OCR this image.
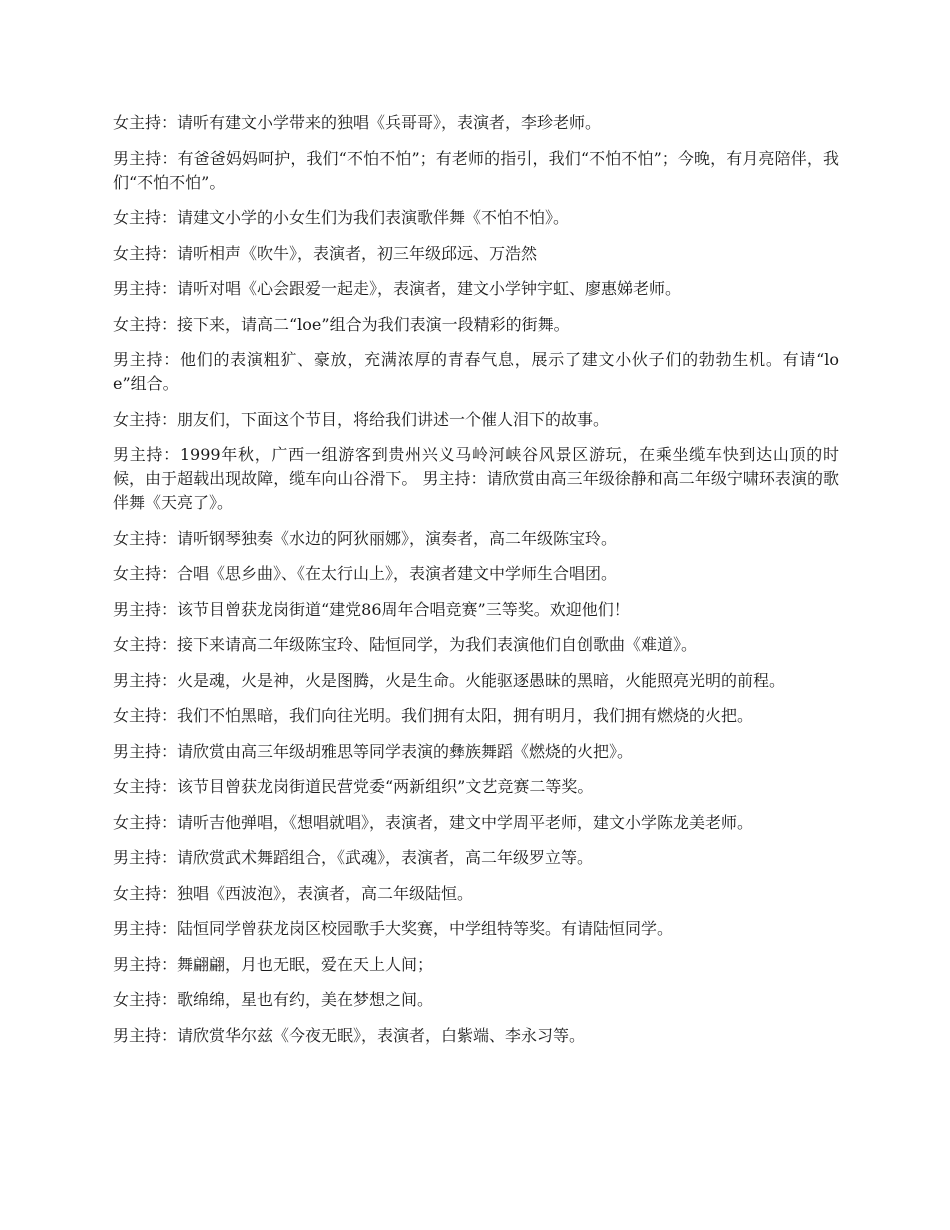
女主持：请听有建文小学带来的独唱《兵哥哥》，表演者，李珍老师。

男主持：有爸爸妈妈呵护，我们“不怕不怕”；有老师的指引，我们“不怕不怕”；今晚，有月亮陪伴，我们“不怕不怕”。

女主持：请建文小学的小女生们为我们表演歌伴舞《不怕不怕》。

女主持：请听相声《吹牛》，表演者，初三年级邱远、万浩然

男主持：请听对唱《心会跟爱一起走》，表演者，建文小学钟宇虹、廖惠娣老师。

女主持：接下来，请高二“loe”组合为我们表演一段精彩的街舞。

男主持：他们的表演粗犷、豪放，充满浓厚的青春气息，展示了建文小伙子们的勃勃生机。有请“loe”组合。

女主持：朋友们，下面这个节目，将给我们讲述一个催人泪下的故事。

男主持：1999年秋，广西一组游客到贵州兴义马岭河峡谷风景区游玩，在乘坐缆车快到达山顶的时候，由于超载出现故障，缆车向山谷滑下。 男主持：请欣赏由高三年级徐静和高二年级宁啸环表演的歌伴舞《天亮了》。

女主持：请听钢琴独奏《水边的阿狄丽娜》，演奏者，高二年级陈宝玲。

女主持：合唱《思乡曲》、《在太行山上》，表演者建文中学师生合唱团。

男主持：该节目曾获龙岗街道“建党86周年合唱竞赛”三等奖。欢迎他们！

女主持：接下来请高二年级陈宝玲、陆恒同学，为我们表演他们自创歌曲《难道》。

男主持：火是魂，火是神，火是图腾，火是生命。火能驱逐愚昧的黑暗，火能照亮光明的前程。

女主持：我们不怕黑暗，我们向往光明。我们拥有太阳，拥有明月，我们拥有燃烧的火把。

男主持：请欣赏由高三年级胡雅思等同学表演的彝族舞蹈《燃烧的火把》。

女主持：该节目曾获龙岗街道民营党委“两新组织”文艺竞赛二等奖。

女主持：请听吉他弹唱，《想唱就唱》，表演者，建文中学周平老师，建文小学陈龙美老师。

男主持：请欣赏武术舞蹈组合，《武魂》，表演者，高二年级罗立等。

女主持：独唱《西波泡》，表演者，高二年级陆恒。

男主持：陆恒同学曾获龙岗区校园歌手大奖赛，中学组特等奖。有请陆恒同学。

男主持：舞翩翩，月也无眠，爱在天上人间；

女主持：歌绵绵，星也有约，美在梦想之间。

男主持：请欣赏华尔兹《今夜无眠》，表演者，白紫端、李永习等。
